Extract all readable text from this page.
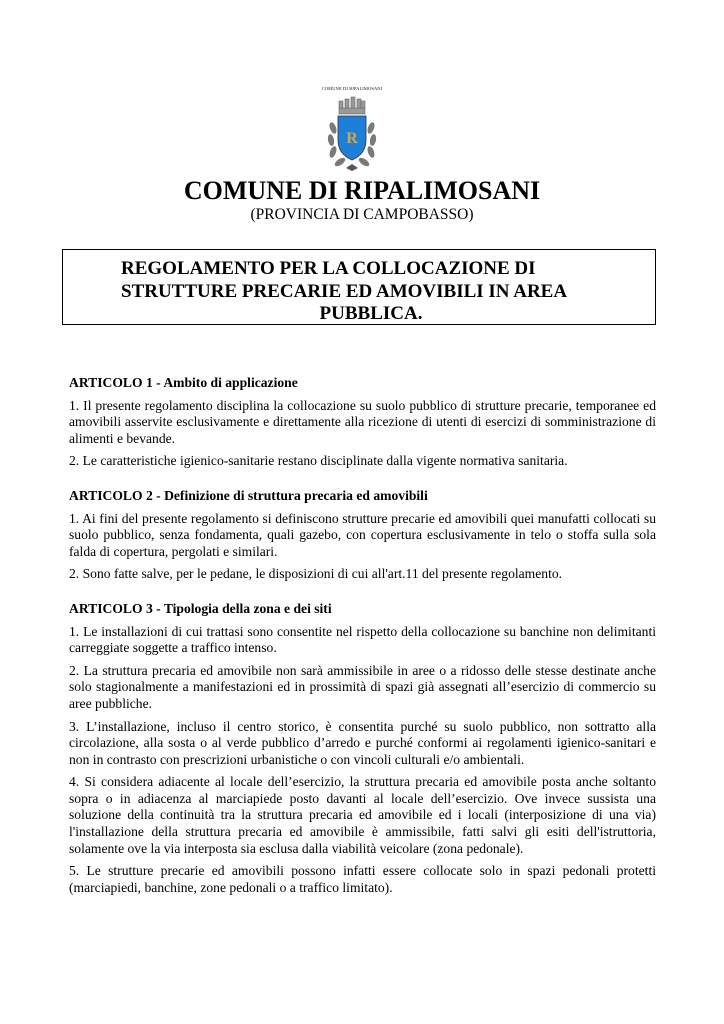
COMUNE DI RIPALIMOSANI
R
COMUNE DI RIPALIMOSANI
(PROVINCIA DI CAMPOBASSO)
REGOLAMENTO PER LA COLLOCAZIONE DI
STRUTTURE PRECARIE ED AMOVIBILI IN AREA
PUBBLICA.
ARTICOLO 1 - Ambito di applicazione
1. Il presente regolamento disciplina la collocazione su suolo pubblico di strutture precarie, temporanee ed amovibili asservite esclusivamente e direttamente alla ricezione di utenti di esercizi di somministrazione di alimenti e bevande.
2. Le caratteristiche igienico-sanitarie restano disciplinate dalla vigente normativa sanitaria.
ARTICOLO 2 - Definizione di struttura precaria ed amovibili
1. Ai fini del presente regolamento si definiscono strutture precarie ed amovibili quei manufatti collocati su suolo pubblico, senza fondamenta, quali gazebo, con copertura esclusivamente in telo o stoffa sulla sola falda di copertura, pergolati e similari.
2. Sono fatte salve, per le pedane, le disposizioni di cui all'art.11 del presente regolamento.
ARTICOLO 3 - Tipologia della zona e dei siti
1. Le installazioni di cui trattasi sono consentite nel rispetto della collocazione su banchine non delimitanti carreggiate soggette a traffico intenso.
2. La struttura precaria ed amovibile non sarà ammissibile in aree o a ridosso delle stesse destinate anche solo stagionalmente a manifestazioni ed in prossimità di spazi già assegnati all’esercizio di commercio su aree pubbliche.
3. L’installazione, incluso il centro storico, è consentita purché su suolo pubblico, non sottratto alla circolazione, alla sosta o al verde pubblico d’arredo e purché conformi ai regolamenti igienico-sanitari e non in contrasto con prescrizioni urbanistiche o con vincoli culturali e/o ambientali.
4. Si considera adiacente al locale dell’esercizio, la struttura precaria ed amovibile posta anche soltanto sopra o in adiacenza al marciapiede posto davanti al locale dell’esercizio. Ove invece sussista una soluzione della continuità tra la struttura precaria ed amovibile ed i locali (interposizione di una via) l'installazione della struttura precaria ed amovibile è ammissibile, fatti salvi gli esiti dell'istruttoria, solamente ove la via interposta sia esclusa dalla viabilità veicolare (zona pedonale).
5. Le strutture precarie ed amovibili possono infatti essere collocate solo in spazi pedonali protetti (marciapiedi, banchine, zone pedonali o a traffico limitato).
